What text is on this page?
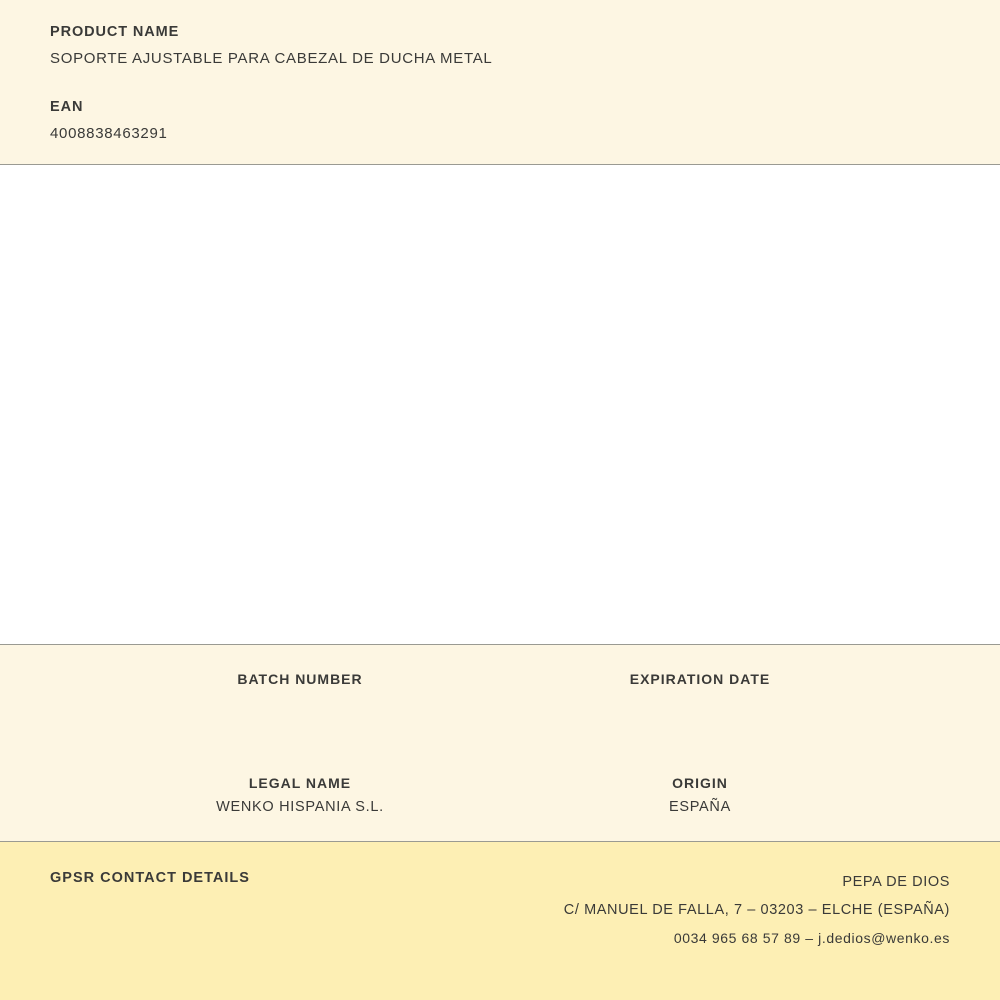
PRODUCT NAME

SOPORTE AJUSTABLE PARA CABEZAL DE DUCHA METAL

EAN

4008838463291

BATCH NUMBER	EXPIRATION DATE

LEGAL NAME

WENKO HISPANIA S.L.

ORIGIN

ESPAÑA

GPSR CONTACT DETAILS	PEPA DE DIOS
C/ MANUEL DE FALLA, 7 – 03203 – ELCHE (ESPAÑA)
0034 965 68 57 89 – j.dedios@wenko.es
